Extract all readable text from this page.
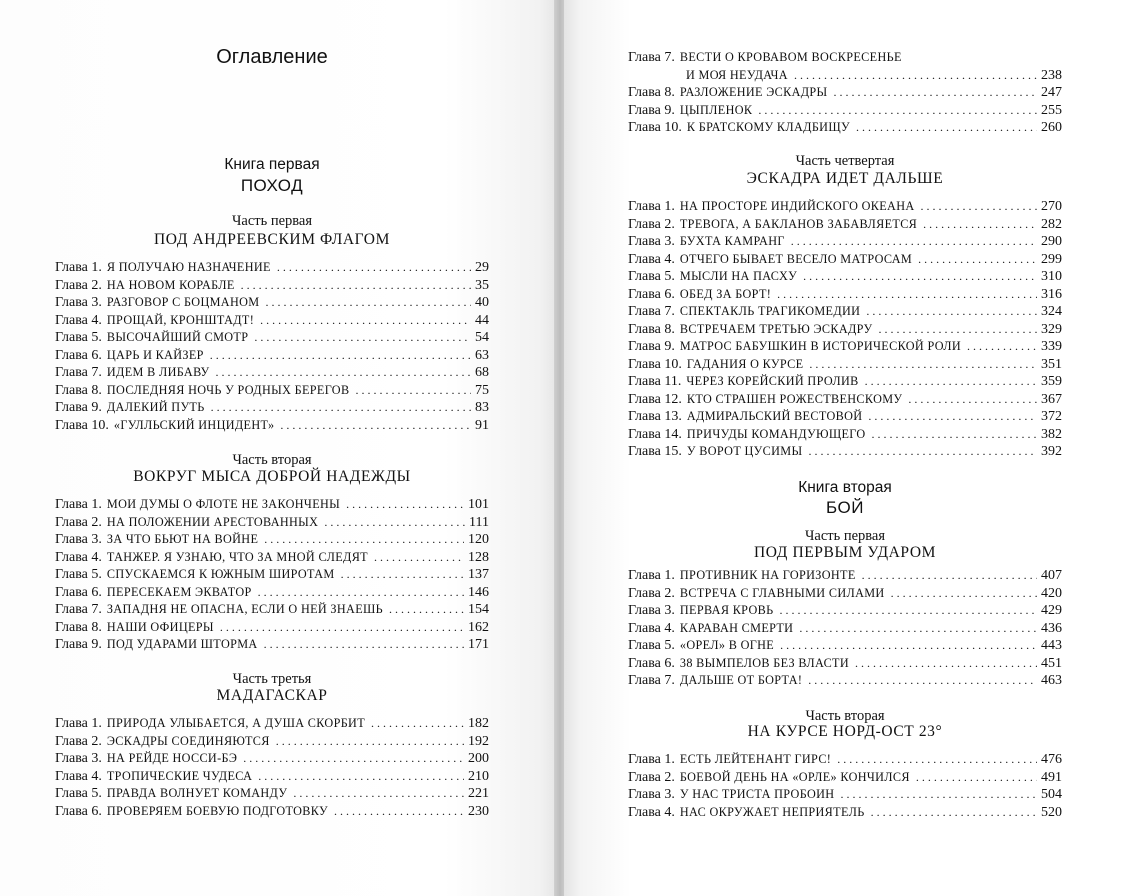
Оглавление
Книга первая
ПОХОД
Часть первая
ПОД АНДРЕЕВСКИМ ФЛАГОМ
Глава 1. Я ПОЛУЧАЮ НАЗНАЧЕНИЕ . . .	29
Глава 2. НА НОВОМ КОРАБЛЕ . . .	35
Глава 3. РАЗГОВОР С БОЦМАНОМ . . .	40
Глава 4. ПРОЩАЙ, КРОНШТАДТ! . . .	44
Глава 5. ВЫСОЧАЙШИЙ СМОТР . . .	54
Глава 6. ЦАРЬ И КАЙЗЕР . . .	63
Глава 7. ИДЕМ В ЛИБАВУ . . .	68
Глава 8. ПОСЛЕДНЯЯ НОЧЬ У РОДНЫХ БЕРЕГОВ . . .	75
Глава 9. ДАЛЕКИЙ ПУТЬ . . .	83
Глава 10. «ГУЛЛЬСКИЙ ИНЦИДЕНТ» . . .	91
Часть вторая
ВОКРУГ МЫСА ДОБРОЙ НАДЕЖДЫ
Глава 1. МОИ ДУМЫ О ФЛОТЕ НЕ ЗАКОНЧЕНЫ . . .	101
Глава 2. НА ПОЛОЖЕНИИ АРЕСТОВАННЫХ . . .	111
Глава 3. ЗА ЧТО БЬЮТ НА ВОЙНЕ . . .	120
Глава 4. ТАНЖЕР. Я УЗНАЮ, ЧТО ЗА МНОЙ СЛЕДЯТ . . .	128
Глава 5. СПУСКАЕМСЯ К ЮЖНЫМ ШИРОТАМ . . .	137
Глава 6. ПЕРЕСЕКАЕМ ЭКВАТОР . . .	146
Глава 7. ЗАПАДНЯ НЕ ОПАСНА, ЕСЛИ О НЕЙ ЗНАЕШЬ . . .	154
Глава 8. НАШИ ОФИЦЕРЫ . . .	162
Глава 9. ПОД УДАРАМИ ШТОРМА . . .	171
Часть третья
МАДАГАСКАР
Глава 1. ПРИРОДА УЛЫБАЕТСЯ, А ДУША СКОРБИТ . . .	182
Глава 2. ЭСКАДРЫ СОЕДИНЯЮТСЯ . . .	192
Глава 3. НА РЕЙДЕ НОССИ-БЭ . . .	200
Глава 4. ТРОПИЧЕСКИЕ ЧУДЕСА . . .	210
Глава 5. ПРАВДА ВОЛНУЕТ КОМАНДУ . . .	221
Глава 6. ПРОВЕРЯЕМ БОЕВУЮ ПОДГОТОВКУ . . .	230
Глава 7. ВЕСТИ О КРОВАВОМ ВОСКРЕСЕНЬЕ
И МОЯ НЕУДАЧА . . .	238
Глава 8. РАЗЛОЖЕНИЕ ЭСКАДРЫ . . .	247
Глава 9. ЦЫПЛЕНОК . . .	255
Глава 10. К БРАТСКОМУ КЛАДБИЩУ . . .	260
Часть четвертая
ЭСКАДРА ИДЕТ ДАЛЬШЕ
Глава 1. НА ПРОСТОРЕ ИНДИЙСКОГО ОКЕАНА . . .	270
Глава 2. ТРЕВОГА, А БАКЛАНОВ ЗАБАВЛЯЕТСЯ . . .	282
Глава 3. БУХТА КАМРАНГ . . .	290
Глава 4. ОТЧЕГО БЫВАЕТ ВЕСЕЛО МАТРОСАМ . . .	299
Глава 5. МЫСЛИ НА ПАСХУ . . .	310
Глава 6. ОБЕД ЗА БОРТ! . . .	316
Глава 7. СПЕКТАКЛЬ ТРАГИКОМЕДИИ . . .	324
Глава 8. ВСТРЕЧАЕМ ТРЕТЬЮ ЭСКАДРУ . . .	329
Глава 9. МАТРОС БАБУШКИН В ИСТОРИЧЕСКОЙ РОЛИ . . .	339
Глава 10. ГАДАНИЯ О КУРСЕ . . .	351
Глава 11. ЧЕРЕЗ КОРЕЙСКИЙ ПРОЛИВ . . .	359
Глава 12. КТО СТРАШЕН РОЖЕСТВЕНСКОМУ . . .	367
Глава 13. АДМИРАЛЬСКИЙ ВЕСТОВОЙ . . .	372
Глава 14. ПРИЧУДЫ КОМАНДУЮЩЕГО . . .	382
Глава 15. У ВОРОТ ЦУСИМЫ . . .	392
Книга вторая
БОЙ
Часть первая
ПОД ПЕРВЫМ УДАРОМ
Глава 1. ПРОТИВНИК НА ГОРИЗОНТЕ . . .	407
Глава 2. ВСТРЕЧА С ГЛАВНЫМИ СИЛАМИ . . .	420
Глава 3. ПЕРВАЯ КРОВЬ . . .	429
Глава 4. КАРАВАН СМЕРТИ . . .	436
Глава 5. «ОРЕЛ» В ОГНЕ . . .	443
Глава 6. 38 ВЫМПЕЛОВ БЕЗ ВЛАСТИ . . .	451
Глава 7. ДАЛЬШЕ ОТ БОРТА! . . .	463
Часть вторая
НА КУРСЕ НОРД-ОСТ 23°
Глава 1. ЕСТЬ ЛЕЙТЕНАНТ ГИРС! . . .	476
Глава 2. БОЕВОЙ ДЕНЬ НА «ОРЛЕ» КОНЧИЛСЯ . . .	491
Глава 3. У НАС ТРИСТА ПРОБОИН . . .	504
Глава 4. НАС ОКРУЖАЕТ НЕПРИЯТЕЛЬ . . .	520
